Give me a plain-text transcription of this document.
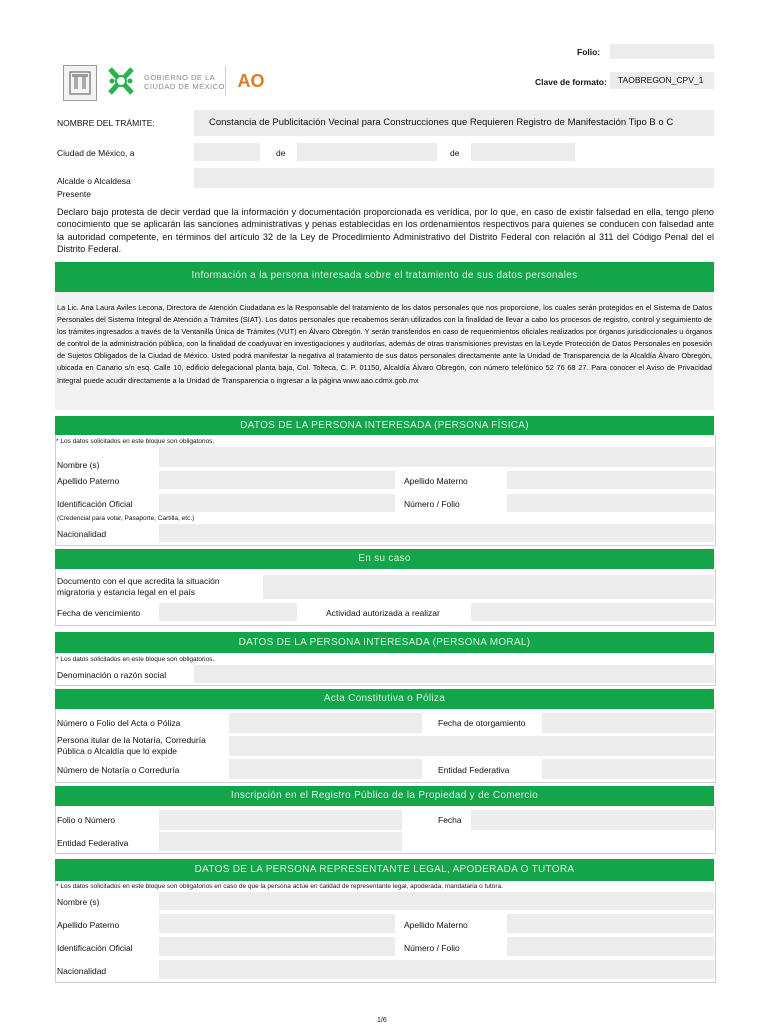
Folio:
GOBIERNO DE LA
CIUDAD DE MÉXICO AO	Clave de formato:	TAOBREGON_CPV_1
NOMBRE DEL TRÁMITE:	Constancia de Publicitación Vecinal para Construcciones que Requieren Registro de Manifestación Tipo B o C
Ciudad de México, a	de	de
Alcalde o Alcaldesa
Presente
Declaro bajo protesta de decir verdad que la información y documentación proporcionada es verídica, por lo que, en caso de existir falsedad en ella, tengo pleno conocimiento que se aplicarán las sanciones administrativas y penas establecidas en los ordenamientos respectivos para quienes se conducen con falsedad ante la autoridad competente, en términos del artículo 32 de la Ley de Procedimiento Administrativo del Distrito Federal con relación al 311 del Código Penal del el Distrito Federal.
Información a la persona interesada sobre el tratamiento de sus datos personales
La Lic. Ana Laura Aviles Lecona, Directora de Atención Ciudadana es la Responsable del tratamiento de los datos personales que nos proporcione, los cuales serán protegidos en el Sistema de Datos Personales del Sistema Integral de Atención a Trámites (SIAT). Los datos personales que recabemos serán utilizados con la finalidad de llevar a cabo los procesos de registro, control y seguimiento de los trámites ingresados a través de la Ventanilla Única de Trámites (VUT) en Álvaro Obregón. Y serán transferidos en caso de requerimientos oficiales realizados por órganos jurisdiccionales u órganos de control de la administración pública, con la finalidad de coadyuvar en investigaciones y auditorías, además de otras transmisiones previstas en la Leyde Protección de Datos Personales en posesión de Sujetos Obligados de la Ciudad de México. Usted podrá manifestar la negativa al tratamiento de sus datos personales directamente ante la Unidad de Transparencia de la Alcaldía Álvaro Obregón, ubicada en Canario s/n esq. Calle 10, edificio delegacional planta baja, Col. Tolteca, C. P. 01150, Alcaldía Álvaro Obregón, con número telefónico 52 76 68 27. Para conocer el Aviso de Privacidad Integral puede acudir directamente a la Unidad de Transparencia o ingresar a la página www.aao.cdmx.gob.mx
DATOS DE LA PERSONA INTERESADA (PERSONA FÍSICA)
* Los datos solicitados en este bloque son obligatorios.
Nombre (s)
Apellido Paterno	Apellido Materno
Identificación Oficial	Número / Folio
(Credencial para votar, Pasaporte, Cartilla, etc.)
Nacionalidad
En su caso
Documento con el que acredita la situación
migratoria y estancia legal en el país
Fecha de vencimiento	Actividad autorizada a realizar
DATOS DE LA PERSONA INTERESADA (PERSONA MORAL)
* Los datos solicitados en este bloque son obligatorios.
Denominación o razón social
Acta Constitutiva o Póliza
Número o Folio del Acta o Póliza	Fecha de otorgamiento
Persona itular de la Notaría, Correduría
Pública o Alcaldía que lo expide
Número de Notaría o Correduría	Entidad Federativa
Inscripción en el Registro Público de la Propiedad y de Comercio
Folio o Número	Fecha
Entidad Federativa
DATOS DE LA PERSONA REPRESENTANTE LEGAL, APODERADA O TUTORA
* Los datos solicitados en este bloque son obligatorios en caso de que la persona actúe en calidad de representante legal, apoderada, mandataria o tutora.
Nombre (s)
Apellido Paterno	Apellido Materno
Identificación Oficial	Número / Folio
Nacionalidad
1/6
